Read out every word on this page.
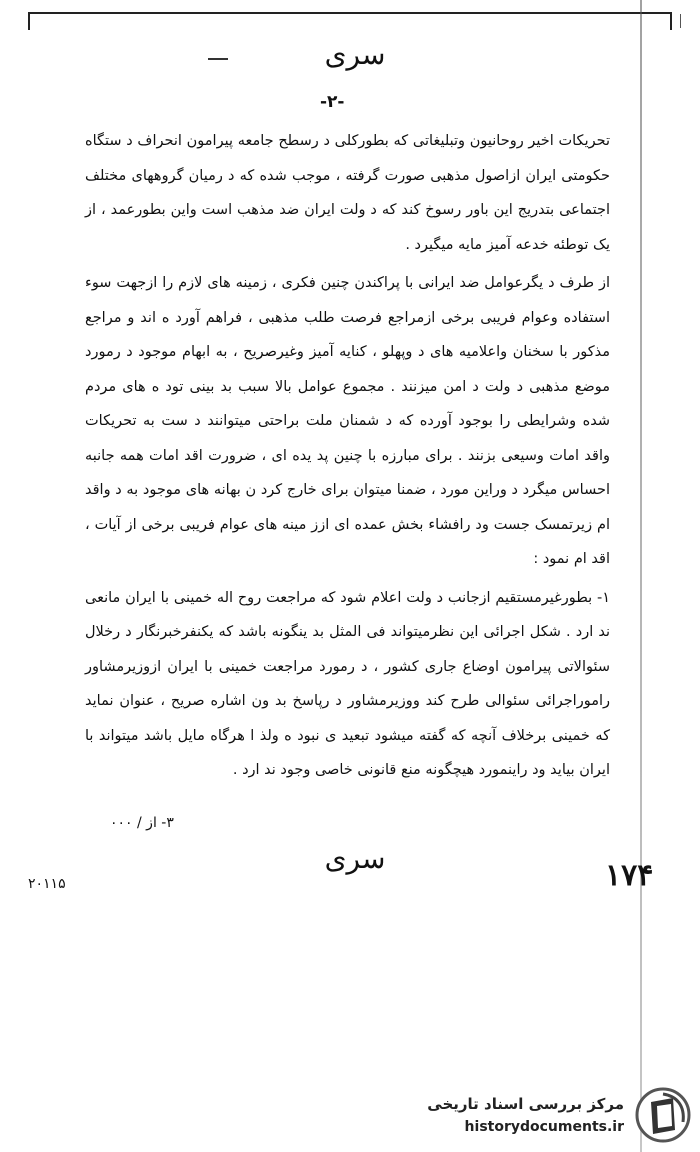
سری
-۲-

تحریکات اخیر روحانیون وتبلیغاتی که بطورکلی د رسطح جامعه پیرامون انحراف د ستگاه حکومتی ایران ازاصول مذهبی صورت گرفته ، موجب شده که د رمیان گروههای مختلف اجتماعی بتدریج این باور رسوخ کند که د ولت ایران ضد مذهب است واین بطورعمد ، از یک توطئه خدعه آمیز مایه میگیرد .

از طرف د یگرعوامل ضد ایرانی با پراکندن چنین فکری ، زمینه های لازم را ازجهت سوء استفاده وعوام فریبی برخی ازمراجع فرصت طلب مذهبی ، فراهم آورد ه اند و مراجع مذکور با سخنان واعلامیه های د وپهلو ، کنایه آمیز وغیرصریح ، به ابهام موجود د رمورد موضع مذهبی د ولت د امن میزنند . مجموع عوامل بالا سبب بد بینی تود ه های مردم شده وشرایطی را بوجود آورده که د شمنان ملت براحتی میتوانند د ست به تحریکات واقد امات وسیعی بزنند . برای مبارزه با چنین پد یده ای ، ضرورت اقد امات همه جانبه احساس میگرد د وراین مورد ، ضمنا میتوان برای خارج کرد ن بهانه های موجود به د واقد ام زیرتمسک جست ود رافشاء بخش عمده ای ازز مینه های عوام فریبی برخی از آیات ، اقد ام نمود :

۱- بطورغیرمستقیم ازجانب د ولت اعلام شود که مراجعت روح اله خمینی با ایران مانعی ند ارد . شکل اجرائی این نظرمیتواند فی المثل بد ینگونه باشد که یکنفرخبرنگار د رخلال سئوالاتی پیرامون اوضاع جاری کشور ، د رمورد مراجعت خمینی با ایران ازوزیرمشاور راموراجرائی سئوالی طرح کند ووزیرمشاور د رپاسخ بد ون اشاره صریح ، عنوان نماید که خمینی برخلاف آنچه که گفته میشود تبعید ی نبود ه ولذ ا هرگاه مایل باشد میتواند با ایران بیاید ود راینمورد هیچگونه منع قانونی خاصی وجود ند ارد .

۳- از / ۰۰۰
سری	۱۷۴
۲۰۱۱۵
مرکز بررسی اسناد تاریخی
historydocuments.ir
